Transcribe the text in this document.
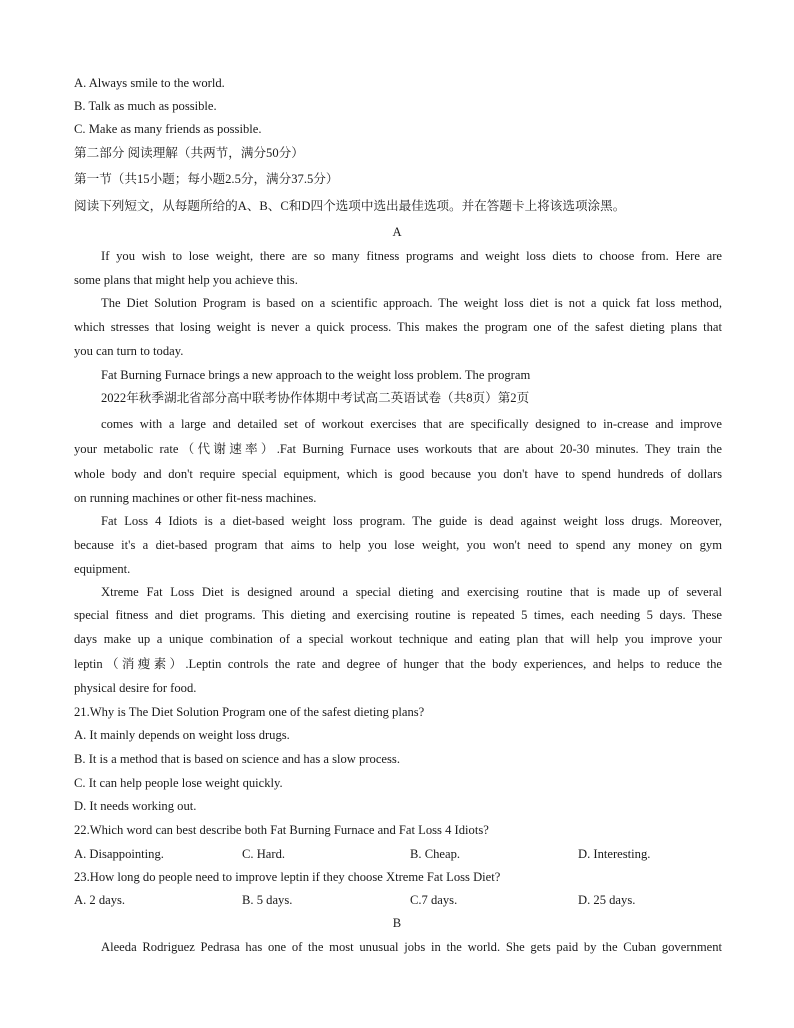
A. Always smile to the world.
B. Talk as much as possible.
C. Make as many friends as possible.
第二部分 阅读理解（共两节，满分50分）
第一节（共15小题；每小题2.5分，满分37.5分）
阅读下列短文，从每题所给的A、B、C和D四个选项中选出最佳选项。并在答题卡上将该选项涂黑。
A
If you wish to lose weight, there are so many fitness programs and weight loss diets to choose from. Here are
some plans that might help you achieve this.
The Diet Solution Program is based on a scientific approach. The weight loss diet is not a quick fat loss method,
which stresses that losing weight is never a quick process. This makes the program one of the safest dieting plans that
you can turn to today.
Fat Burning Furnace brings a new approach to the weight loss problem. The program
2022年秋季湖北省部分高中联考协作体期中考试高二英语试卷（共8页）第2页
comes with a large and detailed set of workout exercises that are specifically designed to in-crease and improve
your metabolic rate（代谢速率）.Fat Burning Furnace uses workouts that are about 20-30 minutes. They train the
whole body and don't require special equipment, which is good because you don't have to spend hundreds of dollars
on running machines or other fit-ness machines.
Fat Loss 4 Idiots is a diet-based weight loss program. The guide is dead against weight loss drugs. Moreover,
because it's a diet-based program that aims to help you lose weight, you won't need to spend any money on gym
equipment.
Xtreme Fat Loss Diet is designed around a special dieting and exercising routine that is made up of several
special fitness and diet programs. This dieting and exercising routine is repeated 5 times, each needing 5 days. These
days make up a unique combination of a special workout technique and eating plan that will help you improve your
leptin（消瘦素）.Leptin controls the rate and degree of hunger that the body experiences, and helps to reduce the
physical desire for food.
21.Why is The Diet Solution Program one of the safest dieting plans?
A. It mainly depends on weight loss drugs.
B. It is a method that is based on science and has a slow process.
C. It can help people lose weight quickly.
D. It needs working out.
22.Which word can best describe both Fat Burning Furnace and Fat Loss 4 Idiots?
A. Disappointing.	C. Hard.	B. Cheap.	D. Interesting.
23.How long do people need to improve leptin if they choose Xtreme Fat Loss Diet?
A. 2 days.	B. 5 days.	C.7 days.	D. 25 days.
B
Aleeda Rodriguez Pedrasa has one of the most unusual jobs in the world. She gets paid by the Cuban government
